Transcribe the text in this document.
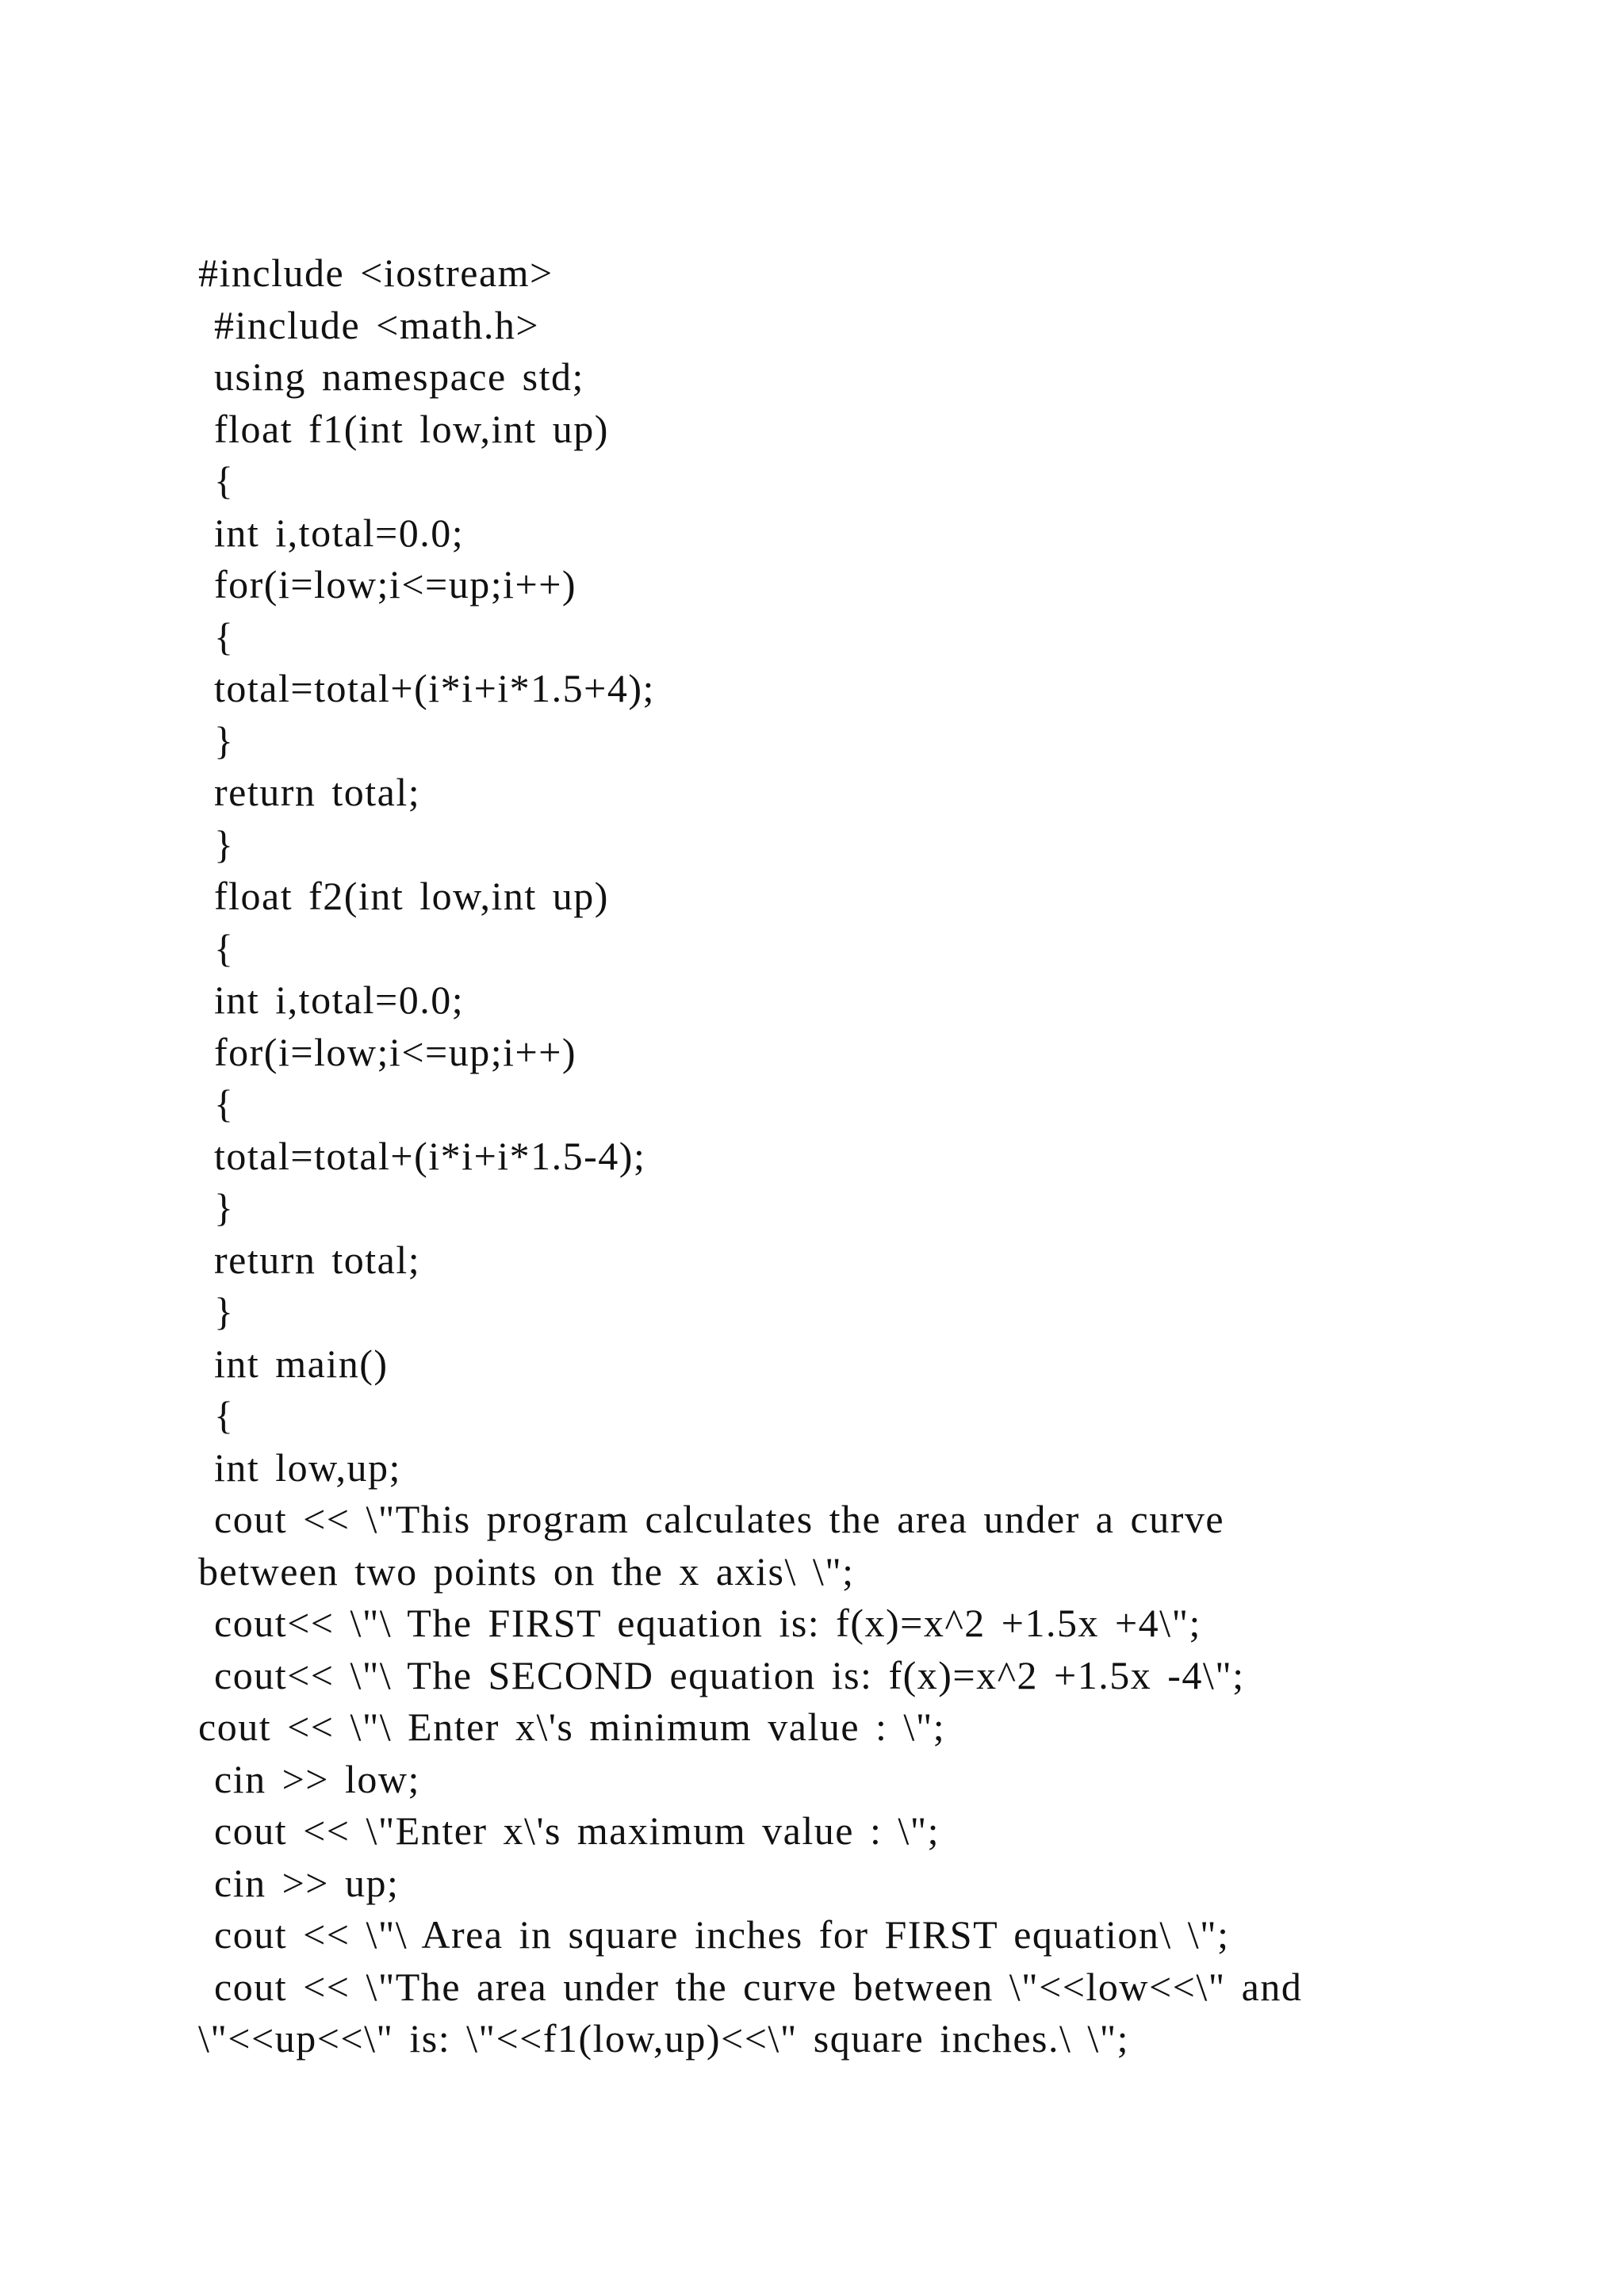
#include <iostream>
#include <math.h>
using namespace std;
float f1(int low,int up)
{
int i,total=0.0;
for(i=low;i<=up;i++)
{
total=total+(i*i+i*1.5+4);
}
return total;
}
float f2(int low,int up)
{
int i,total=0.0;
for(i=low;i<=up;i++)
{
total=total+(i*i+i*1.5-4);
}
return total;
}
int main()
{
int low,up;
cout << \"This program calculates the area under a curve
between two points on the x axis\ \";
cout<< \"\ The FIRST equation is: f(x)=x^2 +1.5x +4\";
cout<< \"\ The SECOND equation is: f(x)=x^2 +1.5x -4\";
cout << \"\ Enter x\'s minimum value : \";
cin >> low;
cout << \"Enter x\'s maximum value : \";
cin >> up;
cout << \"\ Area in square inches for FIRST equation\ \";
cout << \"The area under the curve between \"<<low<<\" and
\"<<up<<\" is: \"<<f1(low,up)<<\" square inches.\ \";
